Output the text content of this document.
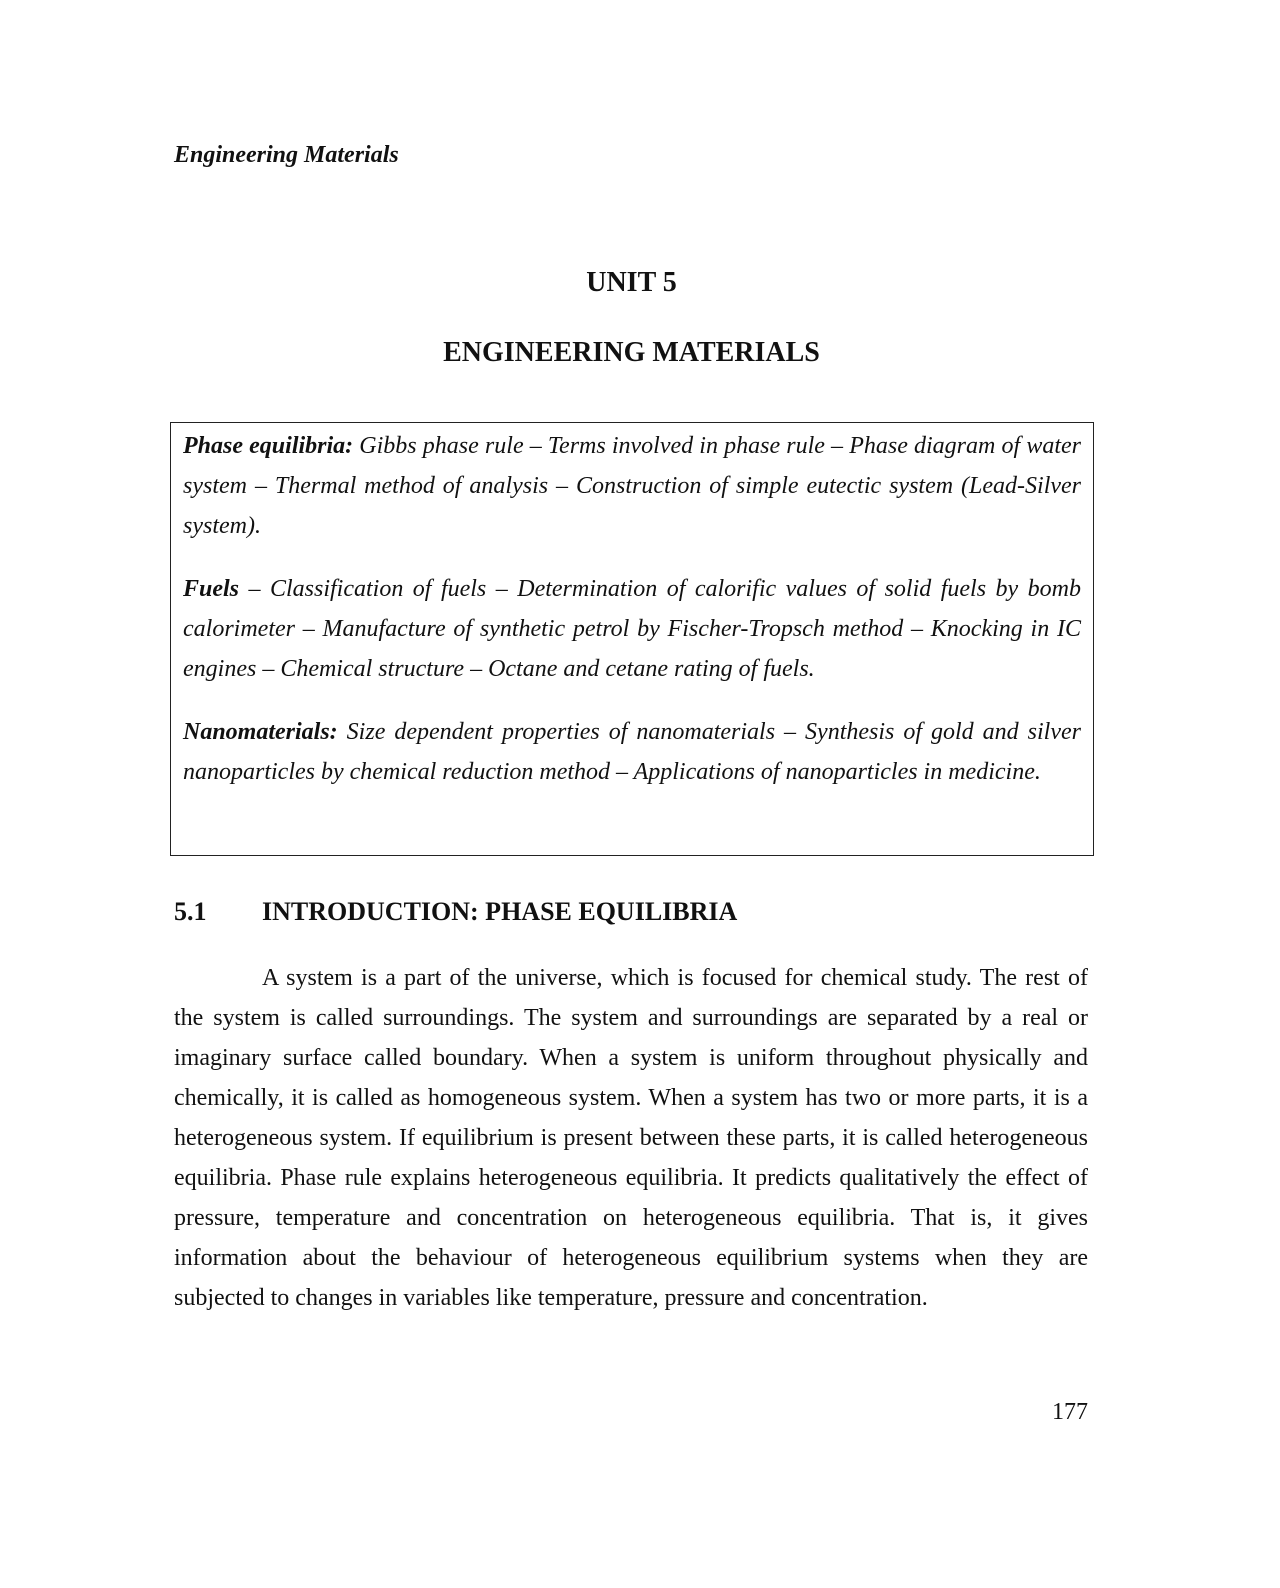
Engineering Materials
UNIT 5
ENGINEERING MATERIALS

Phase equilibria: Gibbs phase rule – Terms involved in phase rule – Phase diagram of water system – Thermal method of analysis – Construction of simple eutectic system (Lead-Silver system).

Fuels – Classification of fuels – Determination of calorific values of solid fuels by bomb calorimeter – Manufacture of synthetic petrol by Fischer-Tropsch method – Knocking in IC engines – Chemical structure – Octane and cetane rating of fuels.

Nanomaterials: Size dependent properties of nanomaterials – Synthesis of gold and silver nanoparticles by chemical reduction method – Applications of nanoparticles in medicine.

5.1 INTRODUCTION: PHASE EQUILIBRIA

A system is a part of the universe, which is focused for chemical study. The rest of the system is called surroundings. The system and surroundings are separated by a real or imaginary surface called boundary. When a system is uniform throughout physically and chemically, it is called as homogeneous system. When a system has two or more parts, it is a heterogeneous system. If equilibrium is present between these parts, it is called heterogeneous equilibria. Phase rule explains heterogeneous equilibria. It predicts qualitatively the effect of pressure, temperature and concentration on heterogeneous equilibria. That is, it gives information about the behaviour of heterogeneous equilibrium systems when they are subjected to changes in variables like temperature, pressure and concentration.

177
